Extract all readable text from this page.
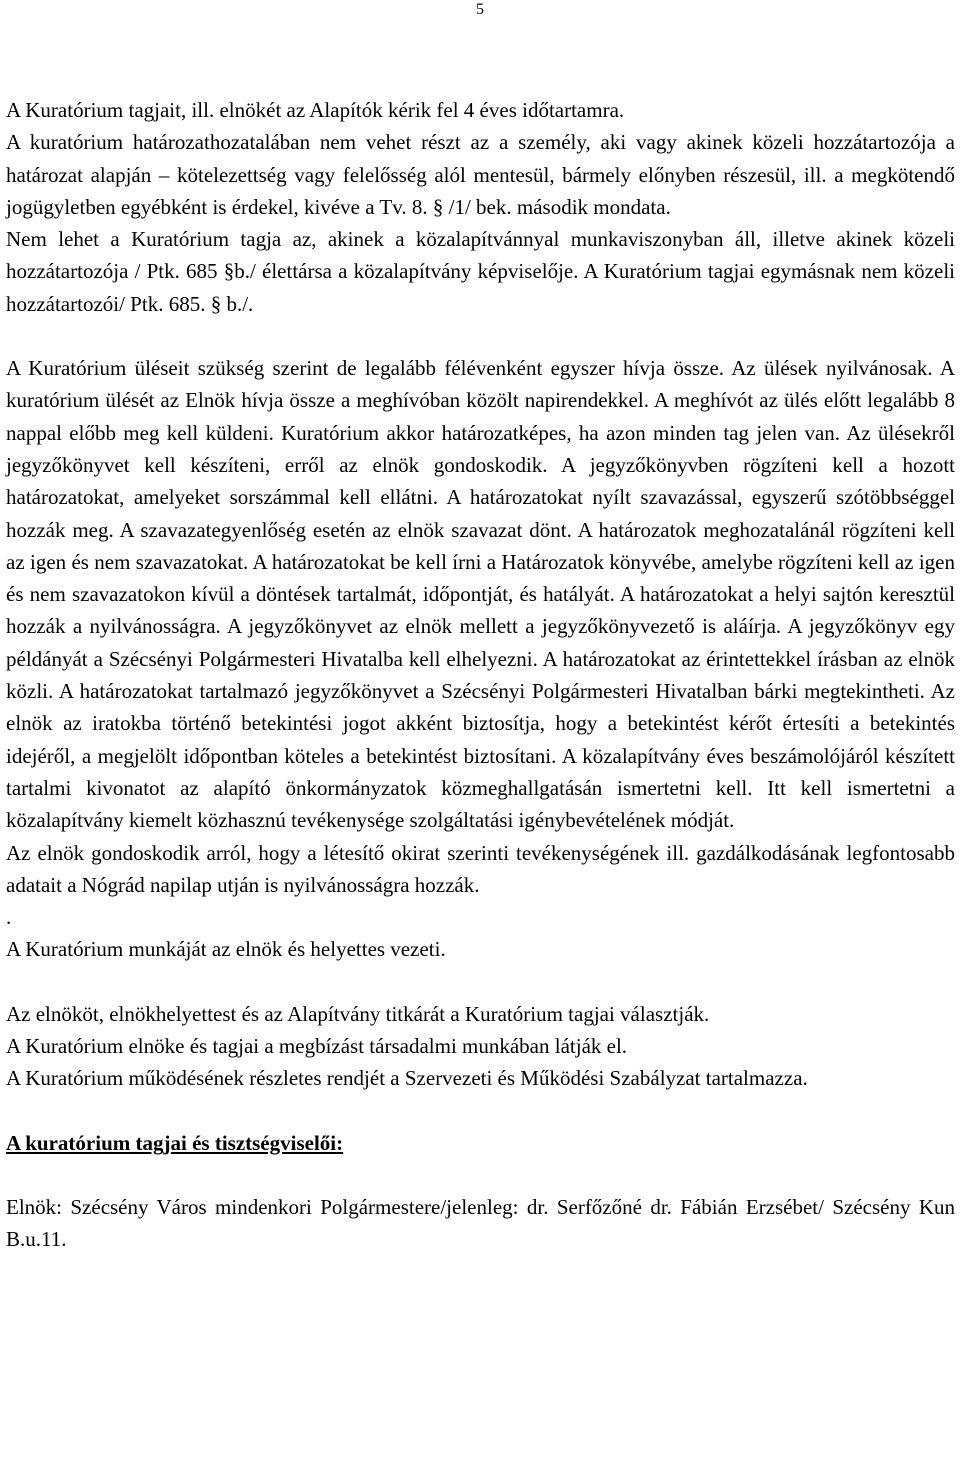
5

A Kuratórium tagjait, ill. elnökét az Alapítók kérik fel 4 éves időtartamra.

A kuratórium határozathozatalában nem vehet részt az a személy, aki vagy akinek közeli hozzátartozója a határozat alapján – kötelezettség vagy felelősség alól mentesül, bármely előnyben részesül, ill. a megkötendő jogügyletben egyébként is érdekel, kivéve a Tv. 8. § /1/ bek. második mondata.

Nem lehet a Kuratórium tagja az, akinek a közalapítvánnyal munkaviszonyban áll, illetve akinek közeli hozzátartozója / Ptk. 685 §b./ élettársa a közalapítvány képviselője. A Kuratórium tagjai egymásnak nem közeli hozzátartozói/ Ptk. 685. § b./.

A Kuratórium üléseit szükség szerint de legalább félévenként egyszer hívja össze. Az ülések nyilvánosak. A kuratórium ülését az Elnök hívja össze a meghívóban közölt napirendekkel. A meghívót az ülés előtt legalább 8 nappal előbb meg kell küldeni. Kuratórium akkor határozatképes, ha azon minden tag jelen van. Az ülésekről jegyzőkönyvet kell készíteni, erről az elnök gondoskodik. A jegyzőkönyvben rögzíteni kell a hozott határozatokat, amelyeket sorszámmal kell ellátni. A határozatokat nyílt szavazással, egyszerű szótöbbséggel hozzák meg. A szavazategyenlőség esetén az elnök szavazat dönt. A határozatok meghozatalánál rögzíteni kell az igen és nem szavazatokat. A határozatokat be kell írni a Határozatok könyvébe, amelybe rögzíteni kell az igen és nem szavazatokon kívül a döntések tartalmát, időpontját, és hatályát. A határozatokat a helyi sajtón keresztül hozzák a nyilvánosságra. A jegyzőkönyvet az elnök mellett a jegyzőkönyvezető is aláírja. A jegyzőkönyv egy példányát a Szécsényi Polgármesteri Hivatalba kell elhelyezni. A határozatokat az érintettekkel írásban az elnök közli. A határozatokat tartalmazó jegyzőkönyvet a Szécsényi Polgármesteri Hivatalban bárki megtekintheti. Az elnök az iratokba történő betekintési jogot akként biztosítja, hogy a betekintést kérőt értesíti a betekintés idejéről, a megjelölt időpontban köteles a betekintést biztosítani. A közalapítvány éves beszámolójáról készített tartalmi kivonatot az alapító önkormányzatok közmeghallgatásán ismertetni kell. Itt kell ismertetni a közalapítvány kiemelt közhasznú tevékenysége szolgáltatási igénybevételének módját.

Az elnök gondoskodik arról, hogy a létesítő okirat szerinti tevékenységének ill. gazdálkodásának legfontosabb adatait a Nógrád napilap utján is nyilvánosságra hozzák.

.

A Kuratórium munkáját az elnök és helyettes vezeti.

Az elnököt, elnökhelyettest és az Alapítvány titkárát a Kuratórium tagjai választják.

A Kuratórium elnöke és tagjai a megbízást társadalmi munkában látják el.

A Kuratórium működésének részletes rendjét a Szervezeti és Működési Szabályzat tartalmazza.

A kuratórium tagjai és tisztségviselői:

Elnök: Szécsény Város mindenkori Polgármestere/jelenleg: dr. Serfőzőné dr. Fábián Erzsébet/ Szécsény Kun B.u.11.
